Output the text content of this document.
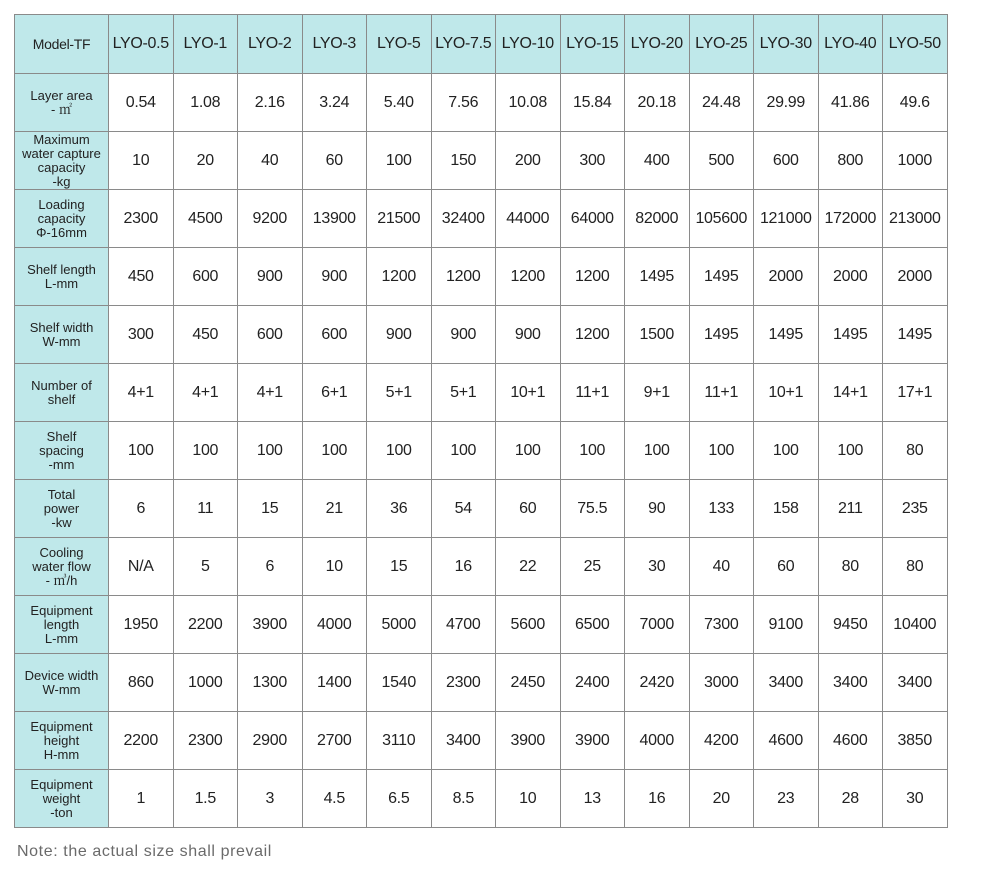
Model-TF	LYO-0.5	LYO-1	LYO-2	LYO-3	LYO-5	LYO-7.5	LYO-10	LYO-15	LYO-20	LYO-25	LYO-30	LYO-40	LYO-50

Layer area
- ㎡	0.54	1.08	2.16	3.24	5.40	7.56	10.08	15.84	20.18	24.48	29.99	41.86	49.6

Maximum
water capture
capacity
-kg	10	20	40	60	100	150	200	300	400	500	600	800	1000

Loading
capacity
Φ-16mm	2300	4500	9200	13900	21500	32400	44000	64000	82000	105600	121000	172000	213000

Shelf length
L-mm	450	600	900	900	1200	1200	1200	1200	1495	1495	2000	2000	2000

Shelf width
W-mm	300	450	600	600	900	900	900	1200	1500	1495	1495	1495	1495

Number of
shelf	4+1	4+1	4+1	6+1	5+1	5+1	10+1	11+1	9+1	11+1	10+1	14+1	17+1

Shelf
spacing
-mm	100	100	100	100	100	100	100	100	100	100	100	100	80

Total
power
-kw	6	11	15	21	36	54	60	75.5	90	133	158	211	235

Cooling
water flow
- ㎥/h	N/A	5	6	10	15	16	22	25	30	40	60	80	80

Equipment
length
L-mm	1950	2200	3900	4000	5000	4700	5600	6500	7000	7300	9100	9450	10400

Device width
W-mm	860	1000	1300	1400	1540	2300	2450	2400	2420	3000	3400	3400	3400

Equipment
height
H-mm	2200	2300	2900	2700	3110	3400	3900	3900	4000	4200	4600	4600	3850

Equipment
weight
-ton	1	1.5	3	4.5	6.5	8.5	10	13	16	20	23	28	30
Note: the actual size shall prevail
